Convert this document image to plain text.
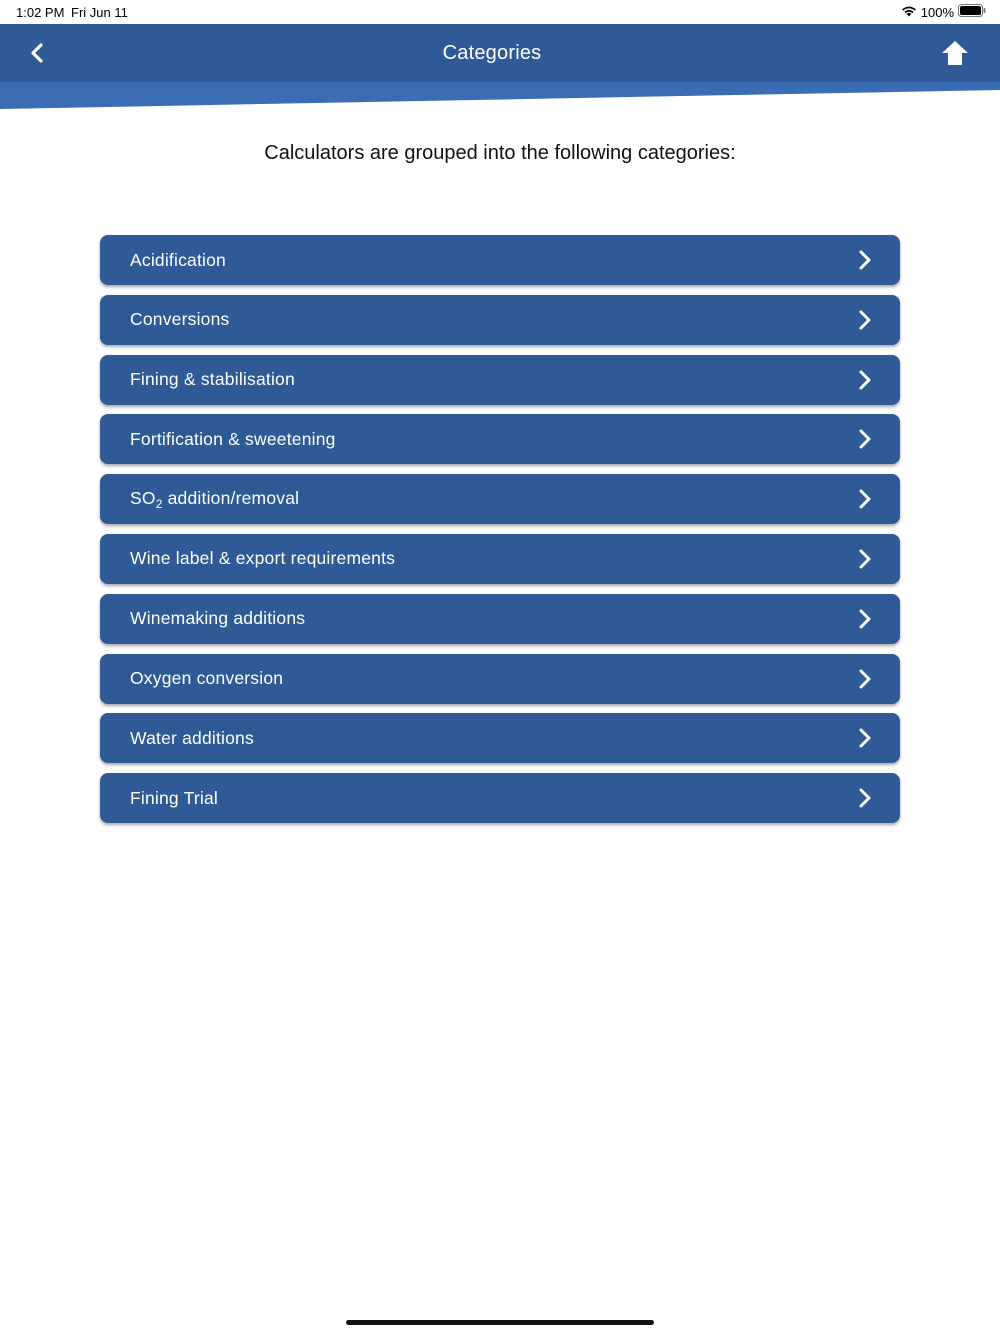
1:02 PM Fri Jun 11	100%
Categories
Calculators are grouped into the following categories:
Acidification
Conversions
Fining & stabilisation
Fortification & sweetening
$SO_2$ addition/removal
Wine label & export requirements
Winemaking additions
Oxygen conversion
Water additions
Fining Trial
